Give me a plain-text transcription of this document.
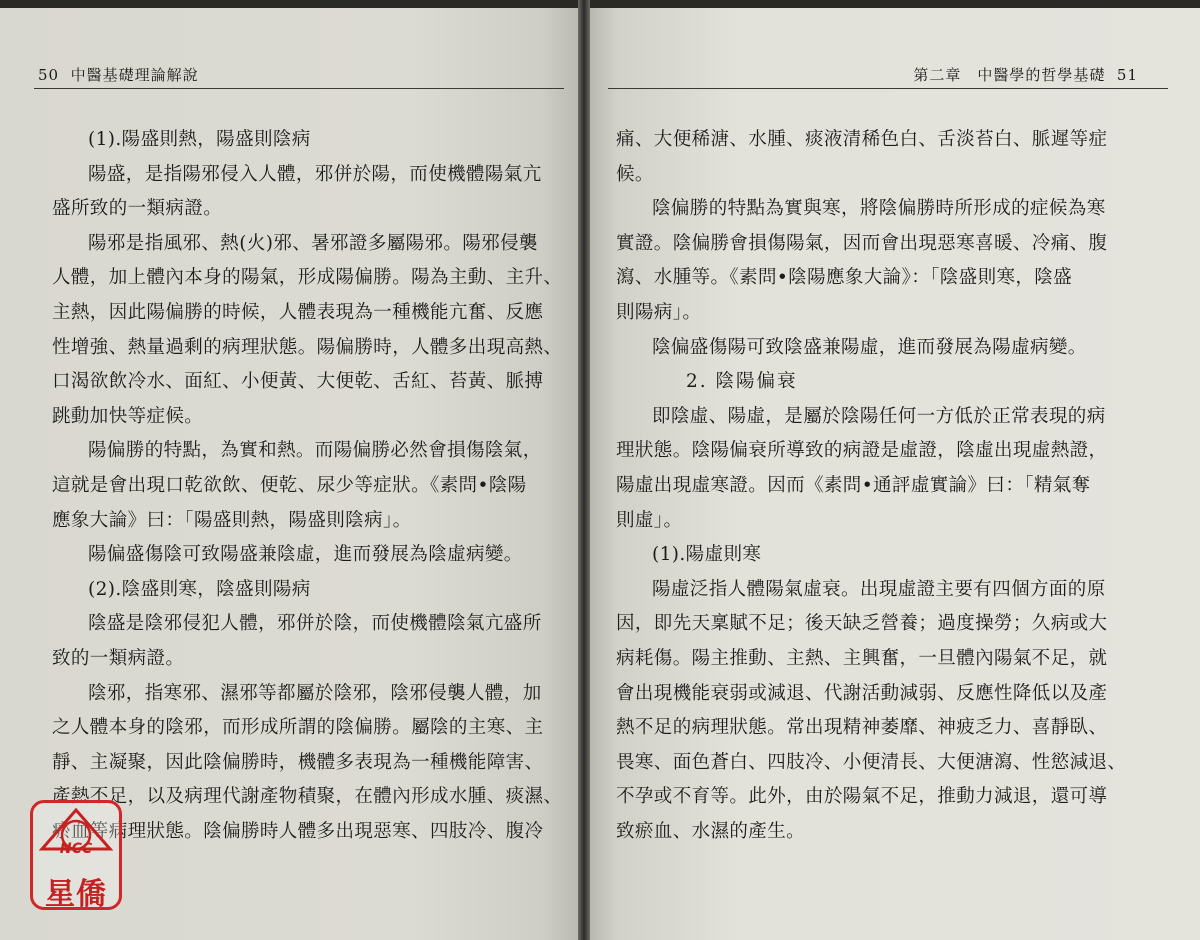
50 中醫基礎理論解說
(1).陽盛則熱，陽盛則陰病
陽盛，是指陽邪侵入人體，邪併於陽，而使機體陽氣亢
盛所致的一類病證。
陽邪是指風邪、熱(火)邪、暑邪證多屬陽邪。陽邪侵襲
人體，加上體內本身的陽氣，形成陽偏勝。陽為主動、主升、
主熱，因此陽偏勝的時候，人體表現為一種機能亢奮、反應
性增強、熱量過剩的病理狀態。陽偏勝時，人體多出現高熱、
口渴欲飲冷水、面紅、小便黃、大便乾、舌紅、苔黃、脈搏
跳動加快等症候。
陽偏勝的特點，為實和熱。而陽偏勝必然會損傷陰氣，
這就是會出現口乾欲飲、便乾、尿少等症狀。《素問•陰陽
應象大論》曰：「陽盛則熱，陽盛則陰病」。
陽偏盛傷陰可致陽盛兼陰虛，進而發展為陰虛病變。
(2).陰盛則寒，陰盛則陽病
陰盛是陰邪侵犯人體，邪併於陰，而使機體陰氣亢盛所
致的一類病證。
陰邪，指寒邪、濕邪等都屬於陰邪，陰邪侵襲人體，加
之人體本身的陰邪，而形成所謂的陰偏勝。屬陰的主寒、主
靜、主凝聚，因此陰偏勝時，機體多表現為一種機能障害、
產熱不足，以及病理代謝產物積聚，在體內形成水腫、痰濕、
瘀血等病理狀態。陰偏勝時人體多出現惡寒、四肢冷、腹冷
第二章　中醫學的哲學基礎 51
痛、大便稀溏、水腫、痰液清稀色白、舌淡苔白、脈遲等症
候。
陰偏勝的特點為實與寒，將陰偏勝時所形成的症候為寒
實證。陰偏勝會損傷陽氣，因而會出現惡寒喜暖、冷痛、腹
瀉、水腫等。《素問•陰陽應象大論》：「陰盛則寒，陰盛
則陽病」。
陰偏盛傷陽可致陰盛兼陽虛，進而發展為陽虛病變。
2. 陰陽偏衰
即陰虛、陽虛，是屬於陰陽任何一方低於正常表現的病
理狀態。陰陽偏衰所導致的病證是虛證，陰虛出現虛熱證，
陽虛出現虛寒證。因而《素問•通評虛實論》曰：「精氣奪
則虛」。
(1).陽虛則寒
陽虛泛指人體陽氣虛衰。出現虛證主要有四個方面的原
因，即先天稟賦不足；後天缺乏營養；過度操勞；久病或大
病耗傷。陽主推動、主熱、主興奮，一旦體內陽氣不足，就
會出現機能衰弱或減退、代謝活動減弱、反應性降低以及產
熱不足的病理狀態。常出現精神萎靡、神疲乏力、喜靜臥、
畏寒、面色蒼白、四肢冷、小便清長、大便溏瀉、性慾減退、
不孕或不育等。此外，由於陽氣不足，推動力減退，還可導
致瘀血、水濕的產生。
NCC
星僑
